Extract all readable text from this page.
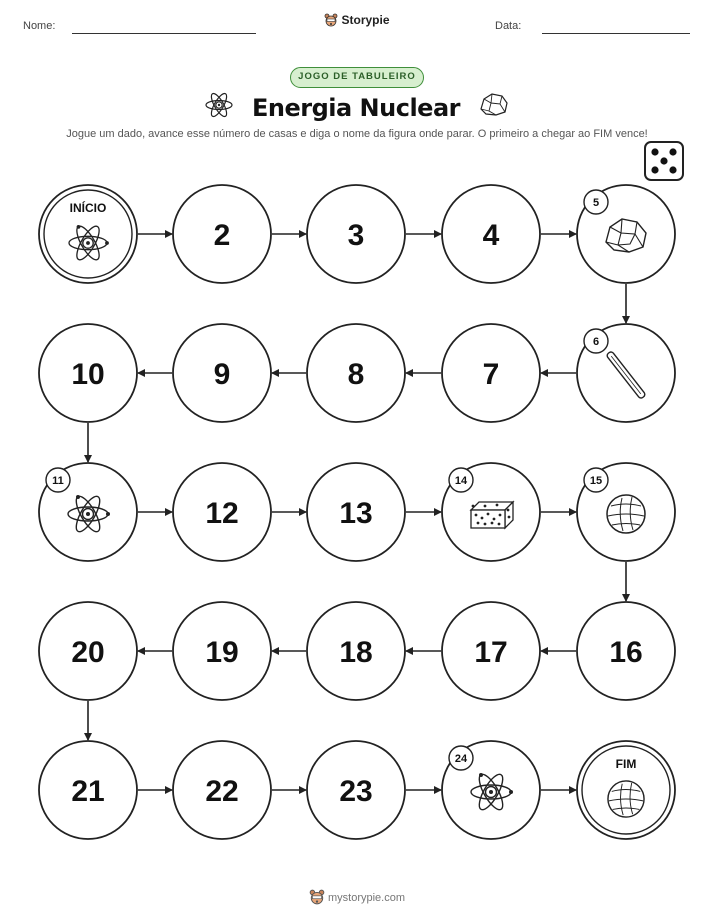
Nome:	Storypie	Data:
JOGO DE TABULEIRO
Energia Nuclear
Jogue um dado, avance esse número de casas e diga o nome da figura onde parar. O primeiro a chegar ao FIM vence!
INÍCIO
2	3	4
5
10	9	8	7
6
11
12	13
14	15
20	19	18	17	16
21	22	23
24	FIM
mystorypie.com
